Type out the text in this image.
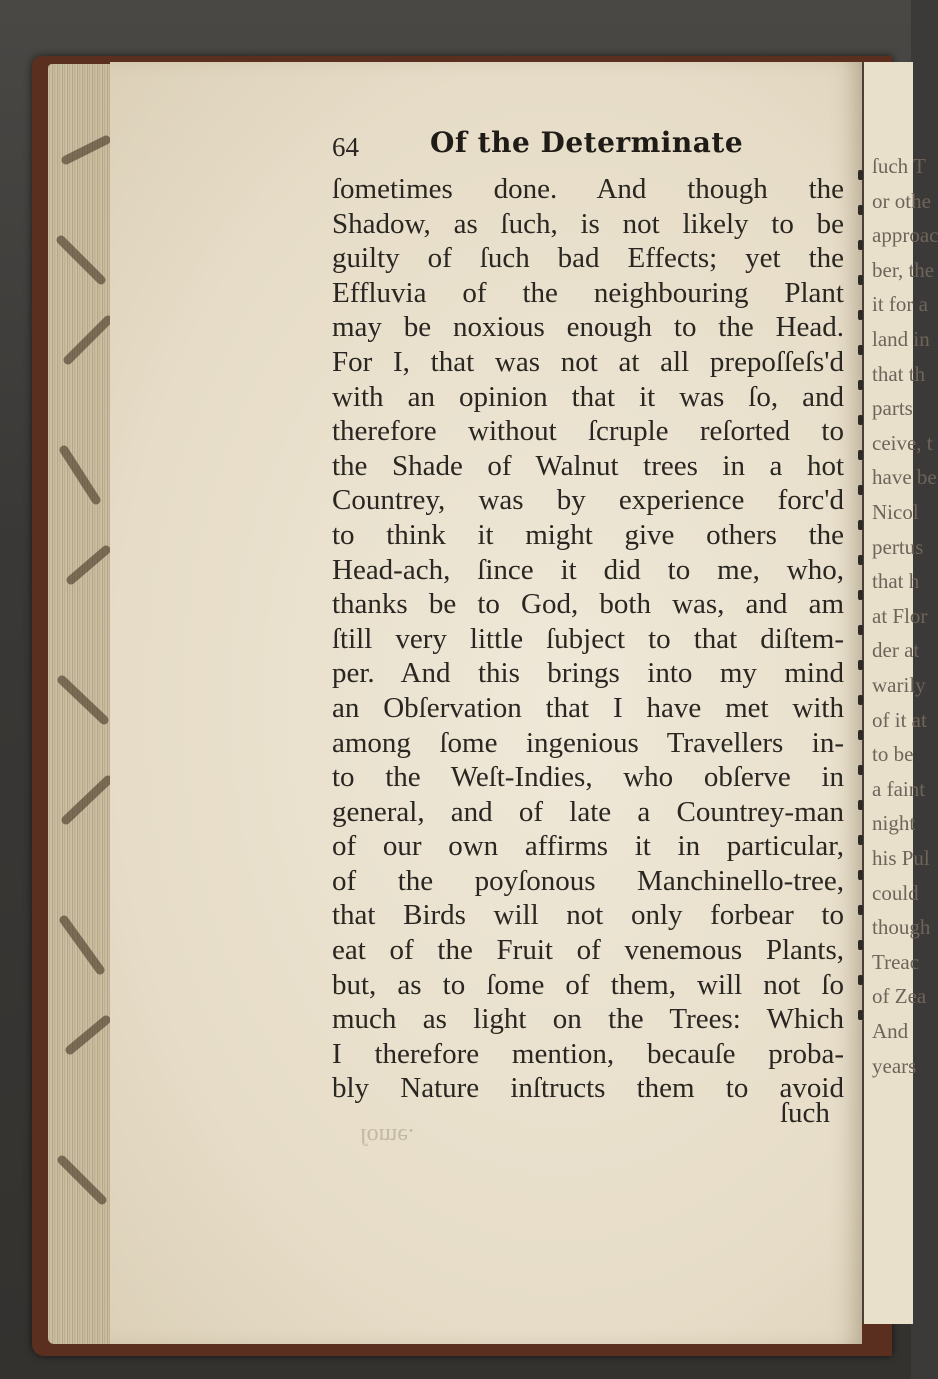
ſuch T
or othe
approac
ber, the
it for a
land in
that th
parts
ceive, t
have be
Nicol
pertus
that h
at Flor
der at
warily
of it at
to be
a faint
night
his Pul
could
though
Treac
of Zea
And
years
64	Of the Determinate
ſometimes done. And though the
Shadow, as ſuch, is not likely to be
guilty of ſuch bad Effects; yet the
Effluvia of the neighbouring Plant
may be noxious enough to the Head.
For I, that was not at all prepoſſeſs'd
with an opinion that it was ſo, and
therefore without ſcruple reſorted to
the Shade of Walnut trees in a hot
Countrey, was by experience forc'd
to think it might give others the
Head-ach, ſince it did to me, who,
thanks be to God, both was, and am
ſtill very little ſubject to that diſtem-
per. And this brings into my mind
an Obſervation that I have met with
among ſome ingenious Travellers in-
to the Weſt-Indies, who obſerve in
general, and of late a Countrey-man
of our own affirms it in particular,
of the poyſonous Manchinello-tree,
that Birds will not only forbear to
eat of the Fruit of venemous Plants,
but, as to ſome of them, will not ſo
much as light on the Trees: Which
I therefore mention, becauſe proba-
bly Nature inſtructs them to avoid
ſuch
ſome.
